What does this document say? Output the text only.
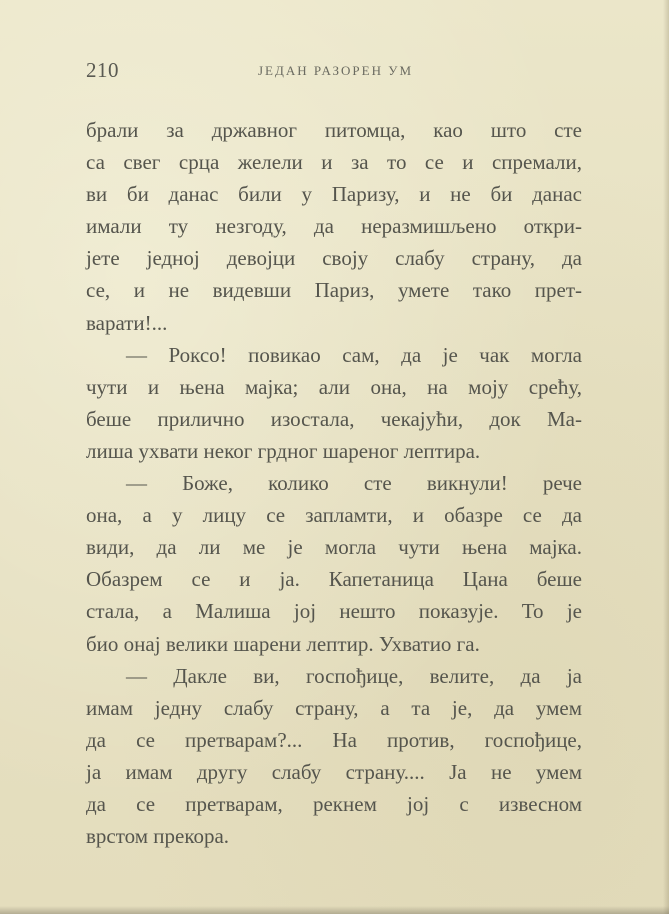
210	ЈЕДАН РАЗОРЕН УМ
брали за државног питомца, као што сте
са свег срца желели и за то се и спремали,
ви би данас били у Паризу, и не би данас
имали ту незгоду, да неразмишљено откри-
јете једној девојци своју слабу страну, да
се, и не видевши Париз, умете тако прет-
варати!...
— Роксо! повикао сам, да је чак могла
чути и њена мајка; али она, на моју срећу,
беше прилично изостала, чекајући, док Ма-
лиша ухвати неког грдног шареног лептира.
— Боже, колико сте викнули! рече
она, а у лицу се запламти, и обазре се да
види, да ли ме је могла чути њена мајка.
Обазрем се и ја. Капетаница Цана беше
стала, а Малиша јој нешто показује. То је
био онај велики шарени лептир. Ухватио га.
— Дакле ви, госпођице, велите, да ја
имам једну слабу страну, а та је, да умем
да се претварам?... На против, госпођице,
ја имам другу слабу страну.... Ја не умем
да се претварам, рекнем јој с извесном
врстом прекора.
